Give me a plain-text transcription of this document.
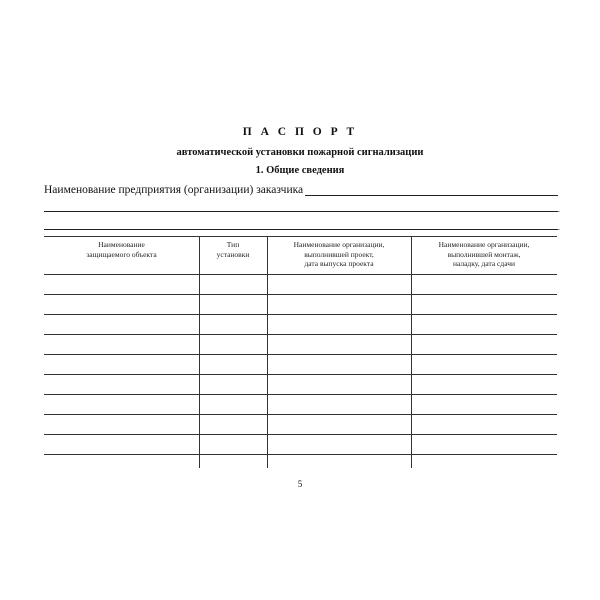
П А С П О Р Т
автоматической установки пожарной сигнализации
1. Общие сведения
Наименование предприятия (организации) заказчика
.
.
Наименование
защищаемого объекта
Тип
установки
Наименование организации,
выполнившей проект,
дата выпуска проекта
Наименование организации,
выполнившей монтаж,
наладку, дата сдачи
5
